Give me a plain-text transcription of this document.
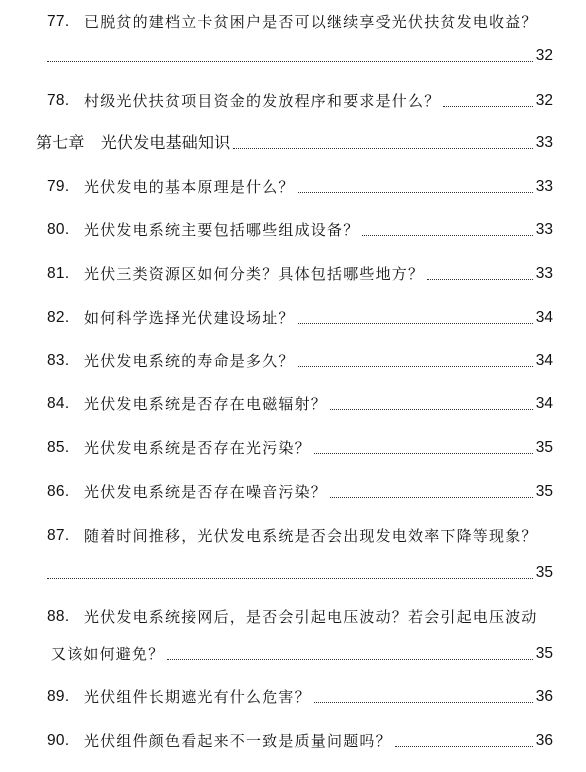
77. 已脱贫的建档立卡贫困户是否可以继续享受光伏扶贫发电收益？
32
78. 村级光伏扶贫项目资金的发放程序和要求是什么？	32
第七章　光伏发电基础知识	33
79. 光伏发电的基本原理是什么？	33
80. 光伏发电系统主要包括哪些组成设备？	33
81. 光伏三类资源区如何分类？具体包括哪些地方？	33
82. 如何科学选择光伏建设场址？	34
83. 光伏发电系统的寿命是多久？	34
84. 光伏发电系统是否存在电磁辐射？	34
85. 光伏发电系统是否存在光污染？	35
86. 光伏发电系统是否存在噪音污染？	35
87. 随着时间推移，光伏发电系统是否会出现发电效率下降等现象？
35
88. 光伏发电系统接网后，是否会引起电压波动？若会引起电压波动
又该如何避免？	35
89. 光伏组件长期遮光有什么危害？	36
90. 光伏组件颜色看起来不一致是质量问题吗？	36
